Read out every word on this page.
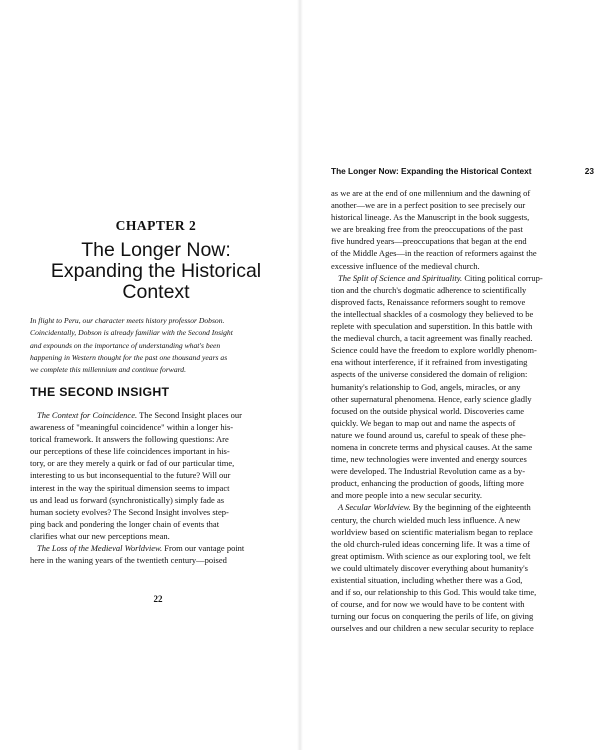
CHAPTER 2
The Longer Now:
Expanding the Historical
Context
In flight to Peru, our character meets history professor Dobson.
Coincidentally, Dobson is already familiar with the Second Insight
and expounds on the importance of understanding what's been
happening in Western thought for the past one thousand years as
we complete this millennium and continue forward.
THE SECOND INSIGHT
The Context for Coincidence. The Second Insight places our
awareness of "meaningful coincidence" within a longer his-
torical framework. It answers the following questions: Are
our perceptions of these life coincidences important in his-
tory, or are they merely a quirk or fad of our particular time,
interesting to us but inconsequential to the future? Will our
interest in the way the spiritual dimension seems to impact
us and lead us forward (synchronistically) simply fade as
human society evolves? The Second Insight involves step-
ping back and pondering the longer chain of events that
clarifies what our new perceptions mean.
The Loss of the Medieval Worldview. From our vantage point
here in the waning years of the twentieth century—poised
22
The Longer Now: Expanding the Historical Context	23
as we are at the end of one millennium and the dawning of
another—we are in a perfect position to see precisely our
historical lineage. As the Manuscript in the book suggests,
we are breaking free from the preoccupations of the past
five hundred years—preoccupations that began at the end
of the Middle Ages—in the reaction of reformers against the
excessive influence of the medieval church.
The Split of Science and Spirituality. Citing political corrup-
tion and the church's dogmatic adherence to scientifically
disproved facts, Renaissance reformers sought to remove
the intellectual shackles of a cosmology they believed to be
replete with speculation and superstition. In this battle with
the medieval church, a tacit agreement was finally reached.
Science could have the freedom to explore worldly phenom-
ena without interference, if it refrained from investigating
aspects of the universe considered the domain of religion:
humanity's relationship to God, angels, miracles, or any
other supernatural phenomena. Hence, early science gladly
focused on the outside physical world. Discoveries came
quickly. We began to map out and name the aspects of
nature we found around us, careful to speak of these phe-
nomena in concrete terms and physical causes. At the same
time, new technologies were invented and energy sources
were developed. The Industrial Revolution came as a by-
product, enhancing the production of goods, lifting more
and more people into a new secular security.
A Secular Worldview. By the beginning of the eighteenth
century, the church wielded much less influence. A new
worldview based on scientific materialism began to replace
the old church-ruled ideas concerning life. It was a time of
great optimism. With science as our exploring tool, we felt
we could ultimately discover everything about humanity's
existential situation, including whether there was a God,
and if so, our relationship to this God. This would take time,
of course, and for now we would have to be content with
turning our focus on conquering the perils of life, on giving
ourselves and our children a new secular security to replace
